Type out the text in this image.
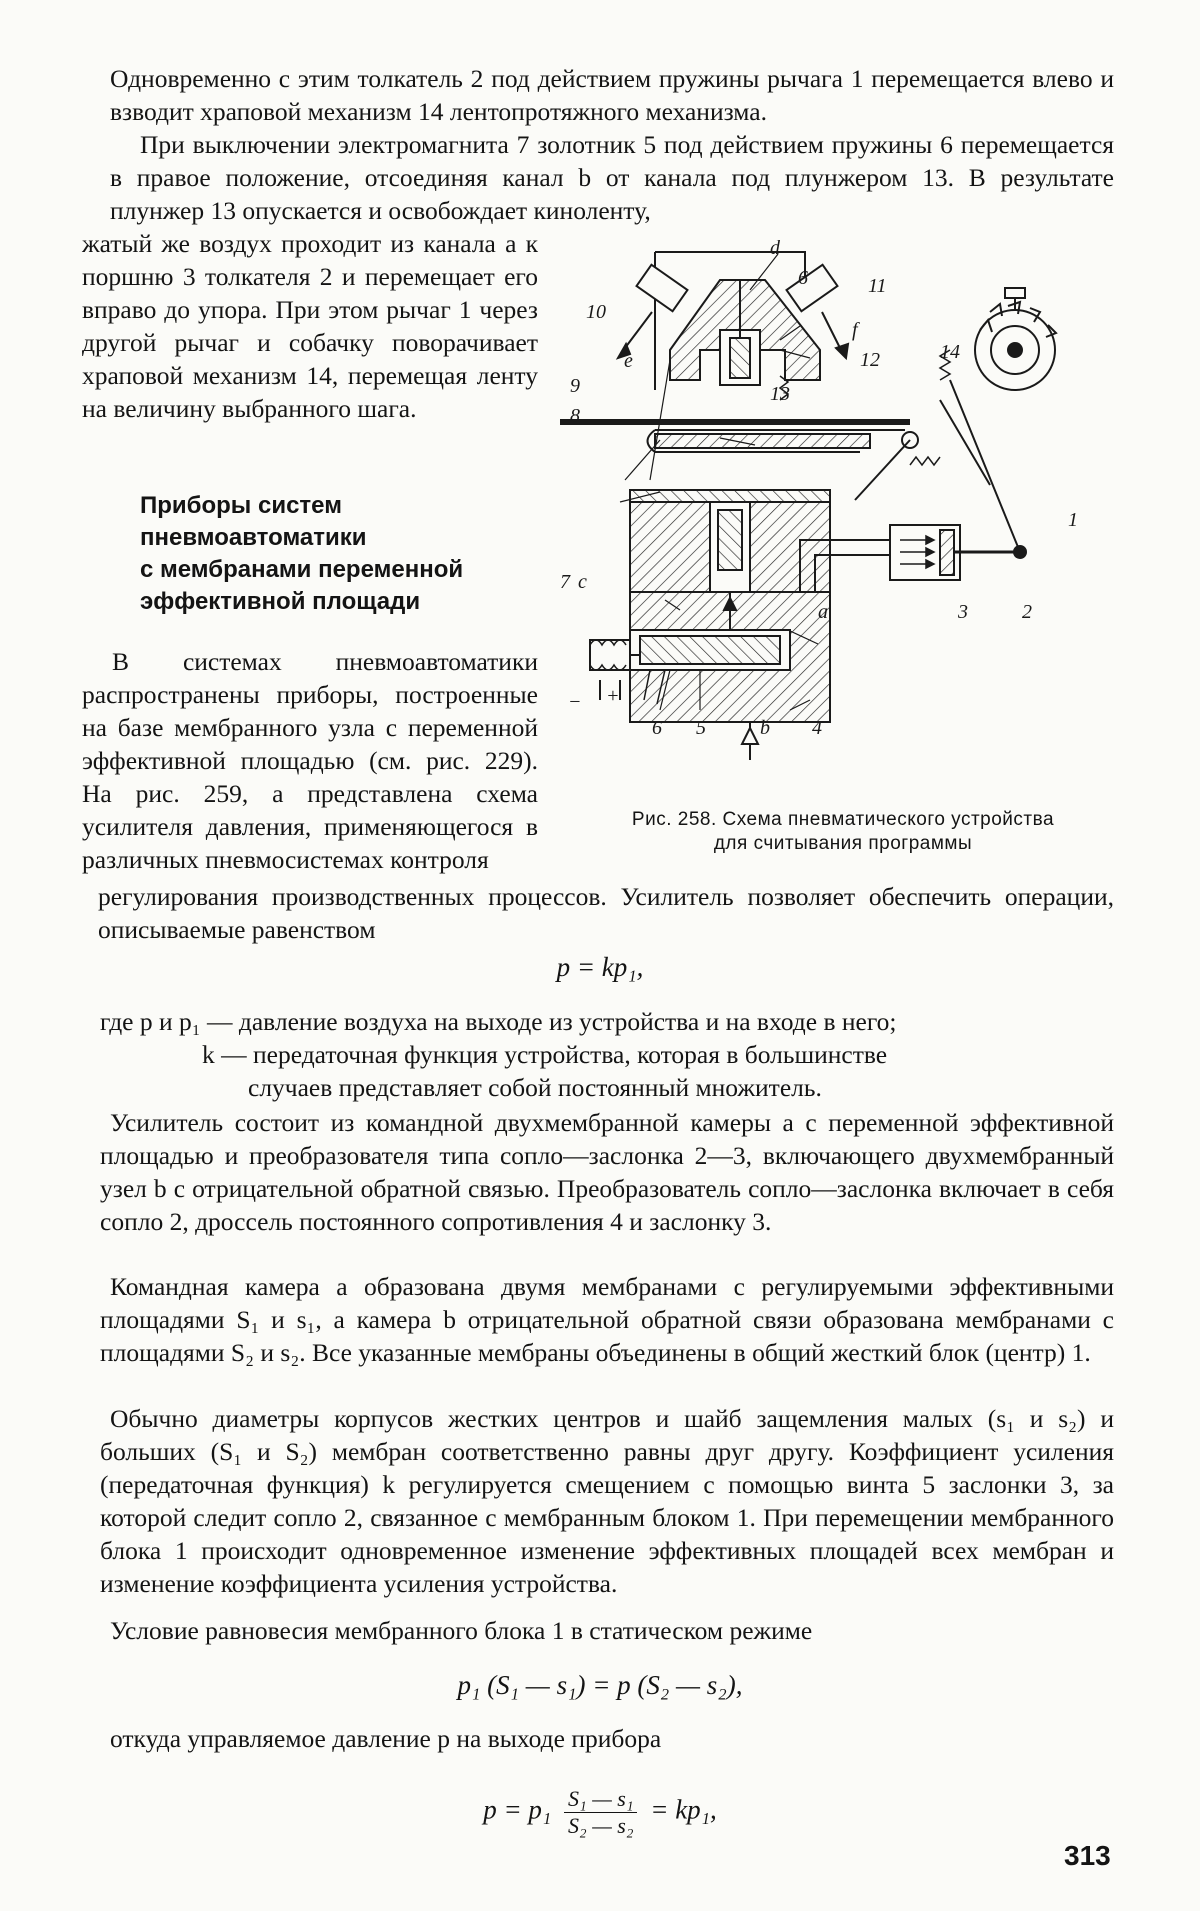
Одновременно с этим толкатель 2 под действием пружины рычага 1 перемещается влево и взводит храповой механизм 14 лентопротяжного механизма.

При выключении электромагнита 7 золотник 5 под действием пружины 6 перемещается в правое положение, отсоединяя канал b от канала под плунжером 13. В результате плунжер 13 опускается и освобождает киноленту,

жатый же воздух проходит из канала a к поршню 3 толкателя 2 и перемещает его вправо до упора. При этом рычаг 1 через другой рычаг и собачку поворачивает храповой механизм 14, перемещая ленту на величину выбранного шага.

Приборы систем
пневмоавтоматики
с мембранами переменной
эффективной площади

В системах пневмоавтоматики распространены приборы, построенные на базе мембранного узла с переменной эффективной площадью (см. рис. 229). На рис. 259, a представлена схема усилителя давления, применяющегося в различных пневмосистемах контроля

d
6
10
11
f
e	12	14
9	13
8
1
7 c
a	3	2
− +
6 5	b 4
Рис. 258. Схема пневматического устройства
для считывания программы

регулирования производственных процессов. Усилитель позволяет обеспечить операции, описываемые равенством

p = kp₁,

где p и p₁ — давление воздуха на выходе из устройства и на входе в него;

k — передаточная функция устройства, которая в большинстве

случаев представляет собой постоянный множитель.

Усилитель состоит из командной двухмембранной камеры a с переменной эффективной площадью и преобразователя типа сопло—заслонка 2—3, включающего двухмембранный узел b с отрицательной обратной связью. Преобразователь сопло—заслонка включает в себя сопло 2, дроссель постоянного сопротивления 4 и заслонку 3.

Командная камера a образована двумя мембранами с регулируемыми эффективными площадями S₁ и s₁, а камера b отрицательной обратной связи образована мембранами с площадями S₂ и s₂. Все указанные мембраны объединены в общий жесткий блок (центр) 1.

Обычно диаметры корпусов жестких центров и шайб защемления малых (s₁ и s₂) и больших (S₁ и S₂) мембран соответственно равны друг другу. Коэффициент усиления (передаточная функция) k регулируется смещением с помощью винта 5 заслонки 3, за которой следит сопло 2, связанное с мембранным блоком 1. При перемещении мембранного блока 1 происходит одновременное изменение эффективных площадей всех мембран и изменение коэффициента усиления устройства.

Условие равновесия мембранного блока 1 в статическом режиме

p₁ (S₁ — s₁) = p (S₂ — s₂),

откуда управляемое давление p на выходе прибора

$p = p_1 \frac{\text{S₁ — s₁}}{\text{S₂ — s₂}} = kp_1$,
313
